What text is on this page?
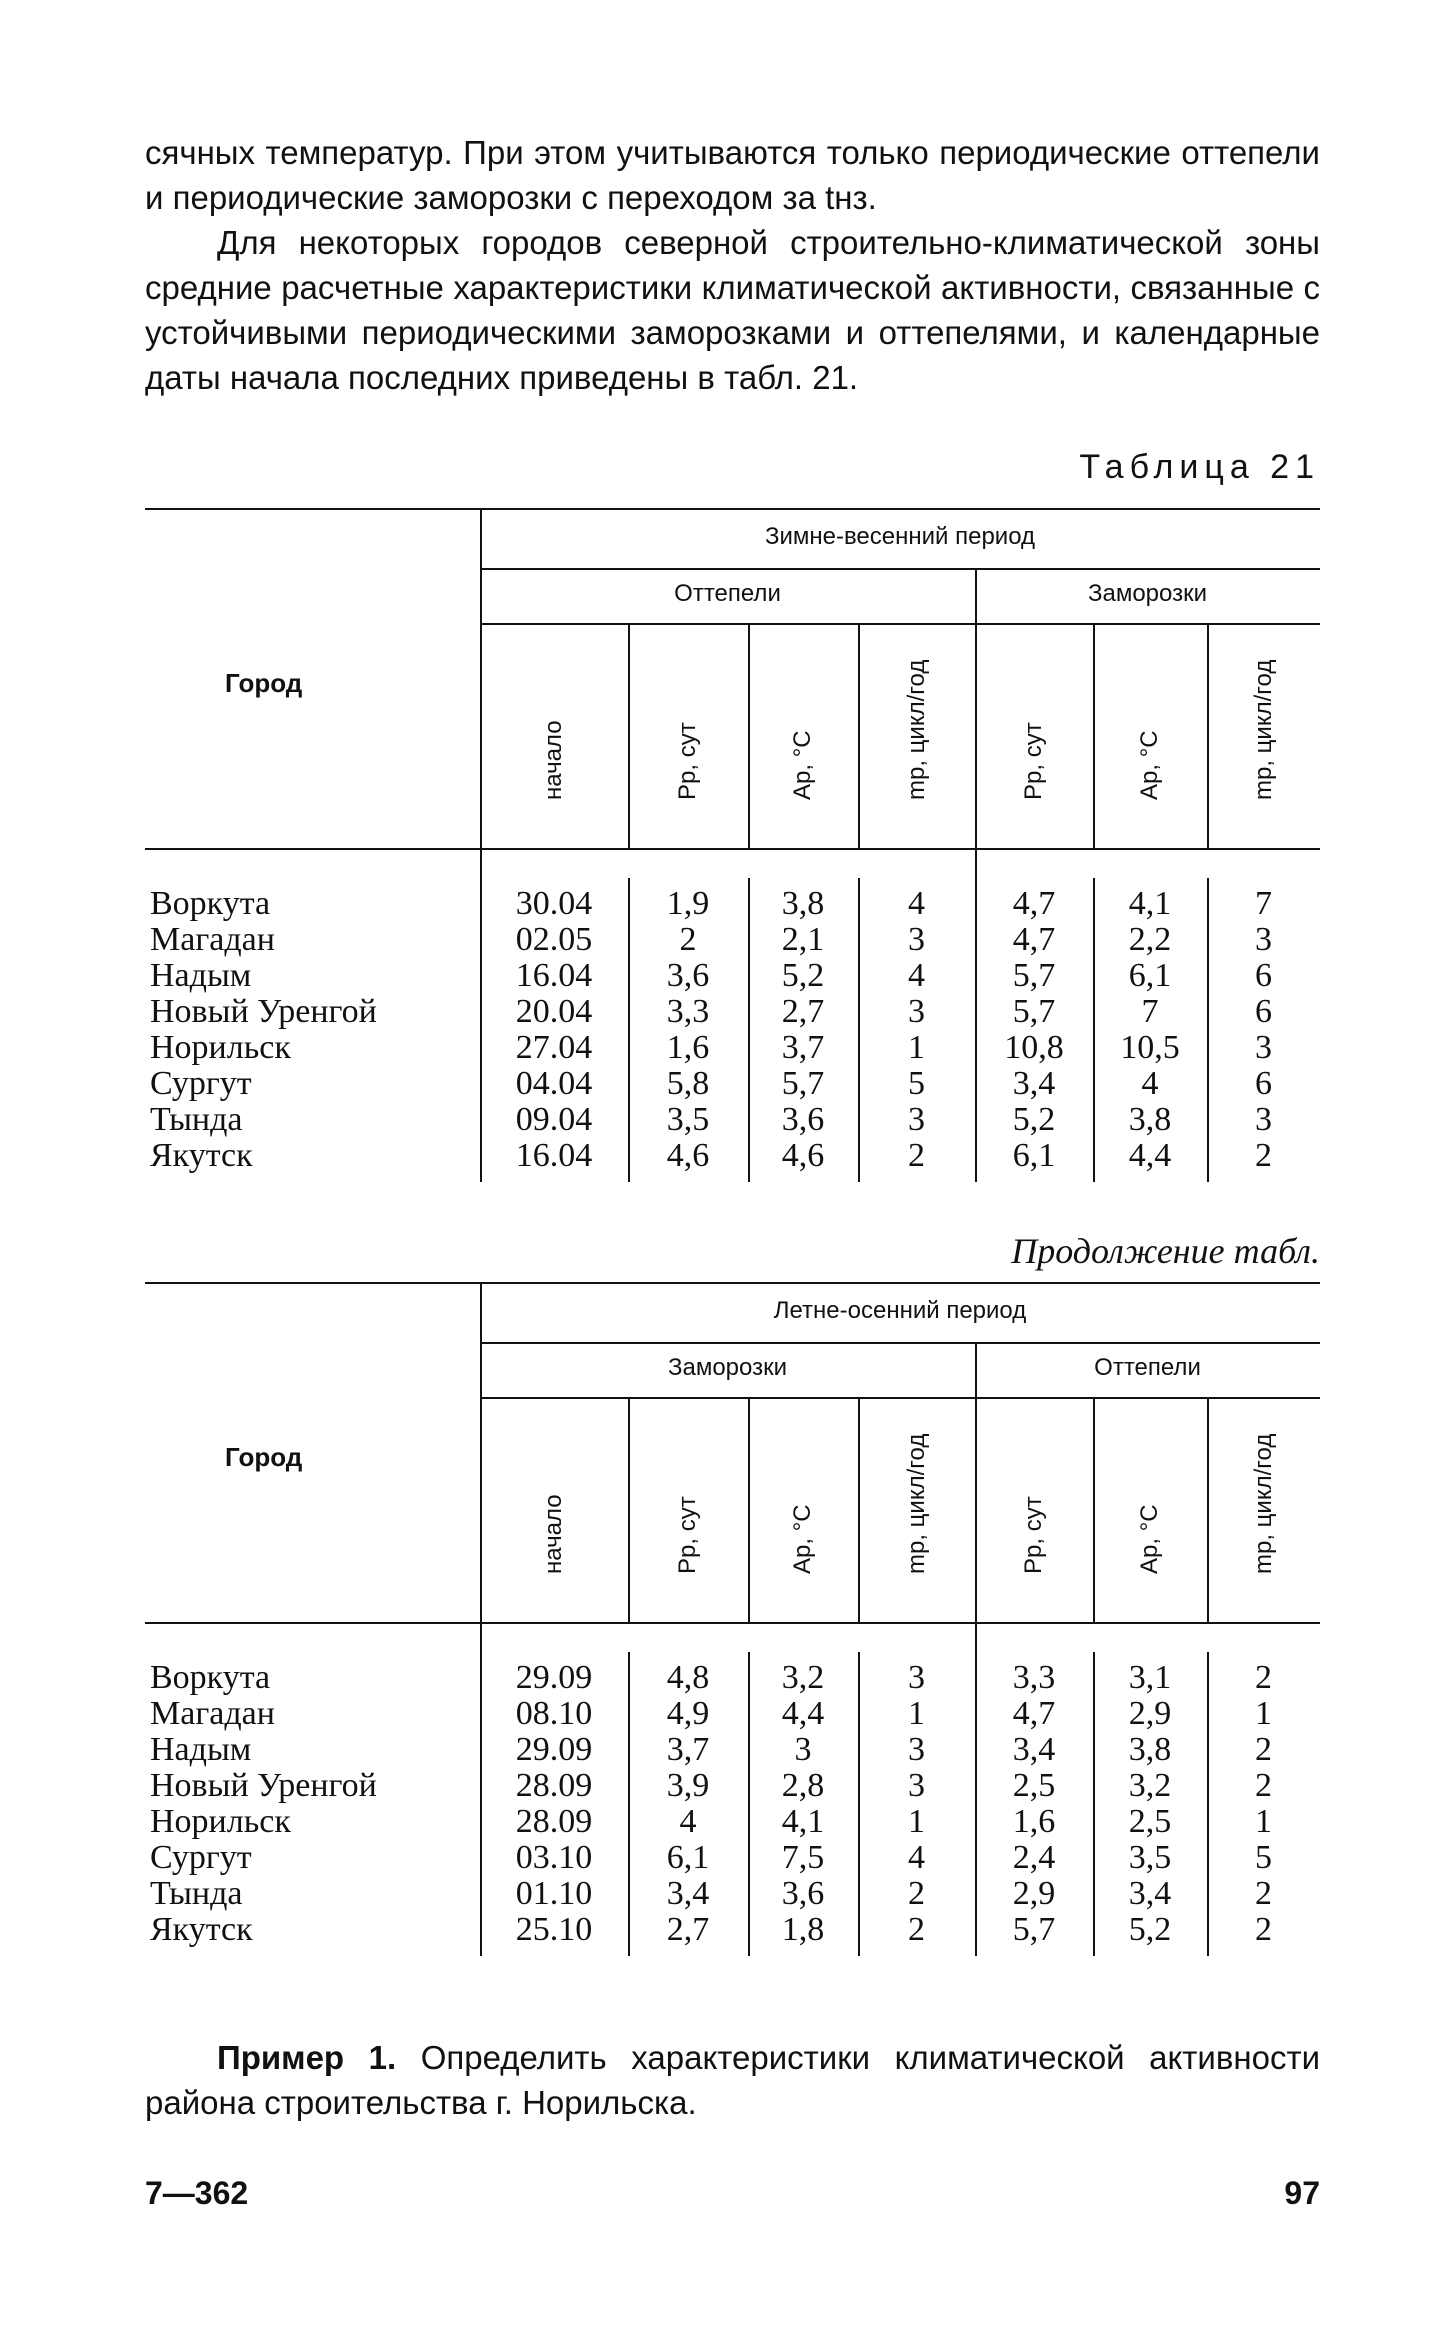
сячных температур. При этом учитываются только периодические оттепели и периодические заморозки с переходом за tнз.
Для некоторых городов северной строительно-климатической зоны средние расчетные характеристики климатической активности, связанные с устойчивыми периодическими заморозками и оттепелями, и календарные даты начала последних приведены в табл. 21.
Таблица 21
Зимне-весенний период
Оттепели	Заморозки
Город
начало	Pр, сут	Aр, °С	mр, цикл/год	Pр, сут	Aр, °С	mр, цикл/год
Воркута	30.04	1,9	3,8	4	4,7	4,1	7
Магадан	02.05	2	2,1	3	4,7	2,2	3
Надым	16.04	3,6	5,2	4	5,7	6,1	6
Новый Уренгой	20.04	3,3	2,7	3	5,7	7	6
Норильск	27.04	1,6	3,7	1	10,8	10,5	3
Сургут	04.04	5,8	5,7	5	3,4	4	6
Тында	09.04	3,5	3,6	3	5,2	3,8	3
Якутск	16.04	4,6	4,6	2	6,1	4,4	2
Продолжение табл.
Летне-осенний период
Заморозки	Оттепели
Город
начало	Pр, сут	Aр, °С	mр, цикл/год	Pр, сут	Aр, °С	mр, цикл/год
Воркута	29.09	4,8	3,2	3	3,3	3,1	2
Магадан	08.10	4,9	4,4	1	4,7	2,9	1
Надым	29.09	3,7	3	3	3,4	3,8	2
Новый Уренгой	28.09	3,9	2,8	3	2,5	3,2	2
Норильск	28.09	4	4,1	1	1,6	2,5	1
Сургут	03.10	6,1	7,5	4	2,4	3,5	5
Тында	01.10	3,4	3,6	2	2,9	3,4	2
Якутск	25.10	2,7	1,8	2	5,7	5,2	2
Пример 1. Определить характеристики климатической активности района строительства г. Норильска.
7—362	97
